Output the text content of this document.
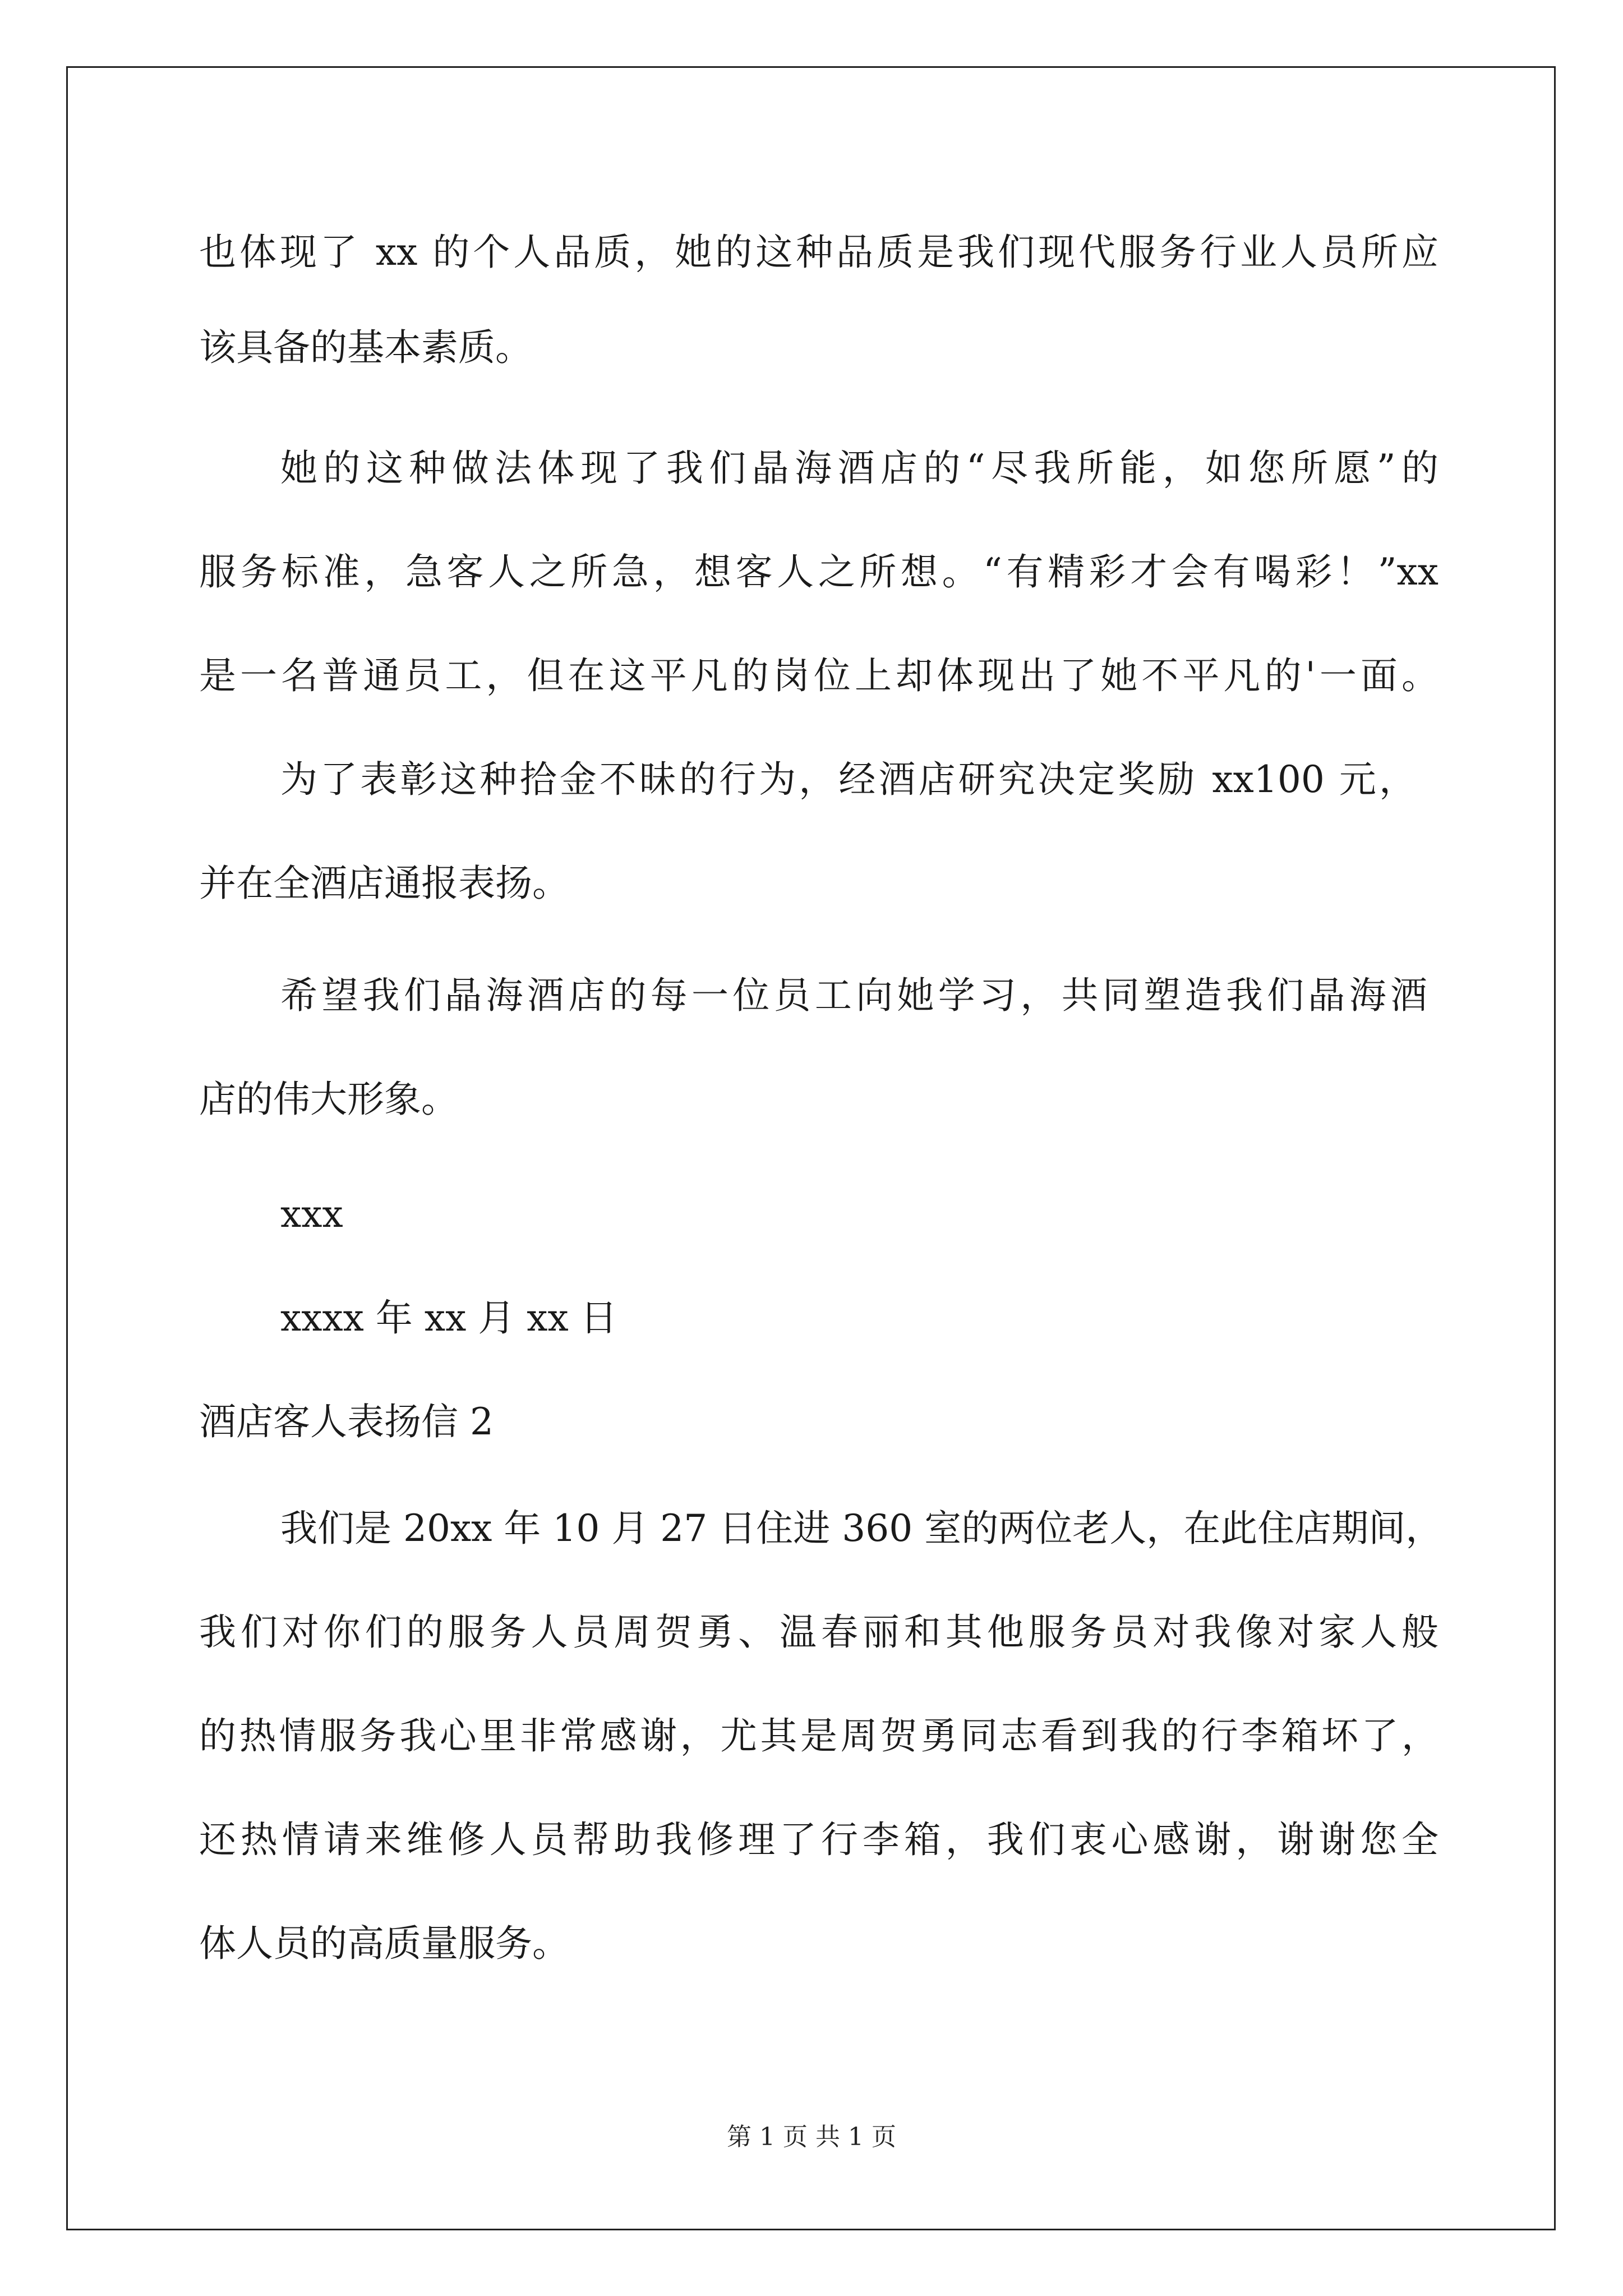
也体现了 xx 的个人品质，她的这种品质是我们现代服务行业人员所应
该具备的基本素质。
她的这种做法体现了我们晶海酒店的“尽我所能，如您所愿”的
服务标准，急客人之所急，想客人之所想。“有精彩才会有喝彩！”xx
是一名普通员工，但在这平凡的岗位上却体现出了她不平凡的'一面。
为了表彰这种拾金不昧的行为，经酒店研究决定奖励 xx100 元，
并在全酒店通报表扬。
希望我们晶海酒店的每一位员工向她学习，共同塑造我们晶海酒
店的伟大形象。
xxx
xxxx 年 xx 月 xx 日
酒店客人表扬信 2
我们是 20xx 年 10 月 27 日住进 360 室的两位老人，在此住店期间，
我们对你们的服务人员周贺勇、温春丽和其他服务员对我像对家人般
的热情服务我心里非常感谢，尤其是周贺勇同志看到我的行李箱坏了，
还热情请来维修人员帮助我修理了行李箱，我们衷心感谢，谢谢您全
体人员的高质量服务。
第 1 页 共 1 页
